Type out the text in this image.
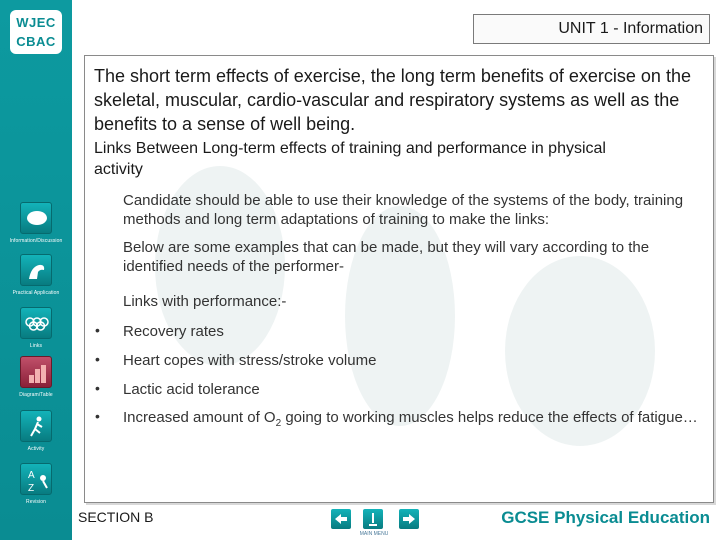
WJEC
CBAC
Information/Discussion
Practical Application
Links
Diagram/Table
Activity
A
Z
Revision
UNIT 1 - Information
The short term effects of exercise, the long term benefits of exercise on the skeletal, muscular, cardio-vascular and respiratory systems as well as the benefits to a sense of well being.
Links Between Long-term effects of training and performance in physical activity
Candidate should be able to use their knowledge of the systems of the body, training methods and long term adaptations of training to make the links:
Below are some examples that can be made, but they will vary according to the identified needs of the performer-
Links with performance:-
• Recovery rates
• Heart copes with stress/stroke volume
• Lactic acid tolerance
• Increased amount of $O_2$ going to working muscles helps reduce the effects of fatigue…
SECTION B
MAIN MENU
GCSE Physical Education
